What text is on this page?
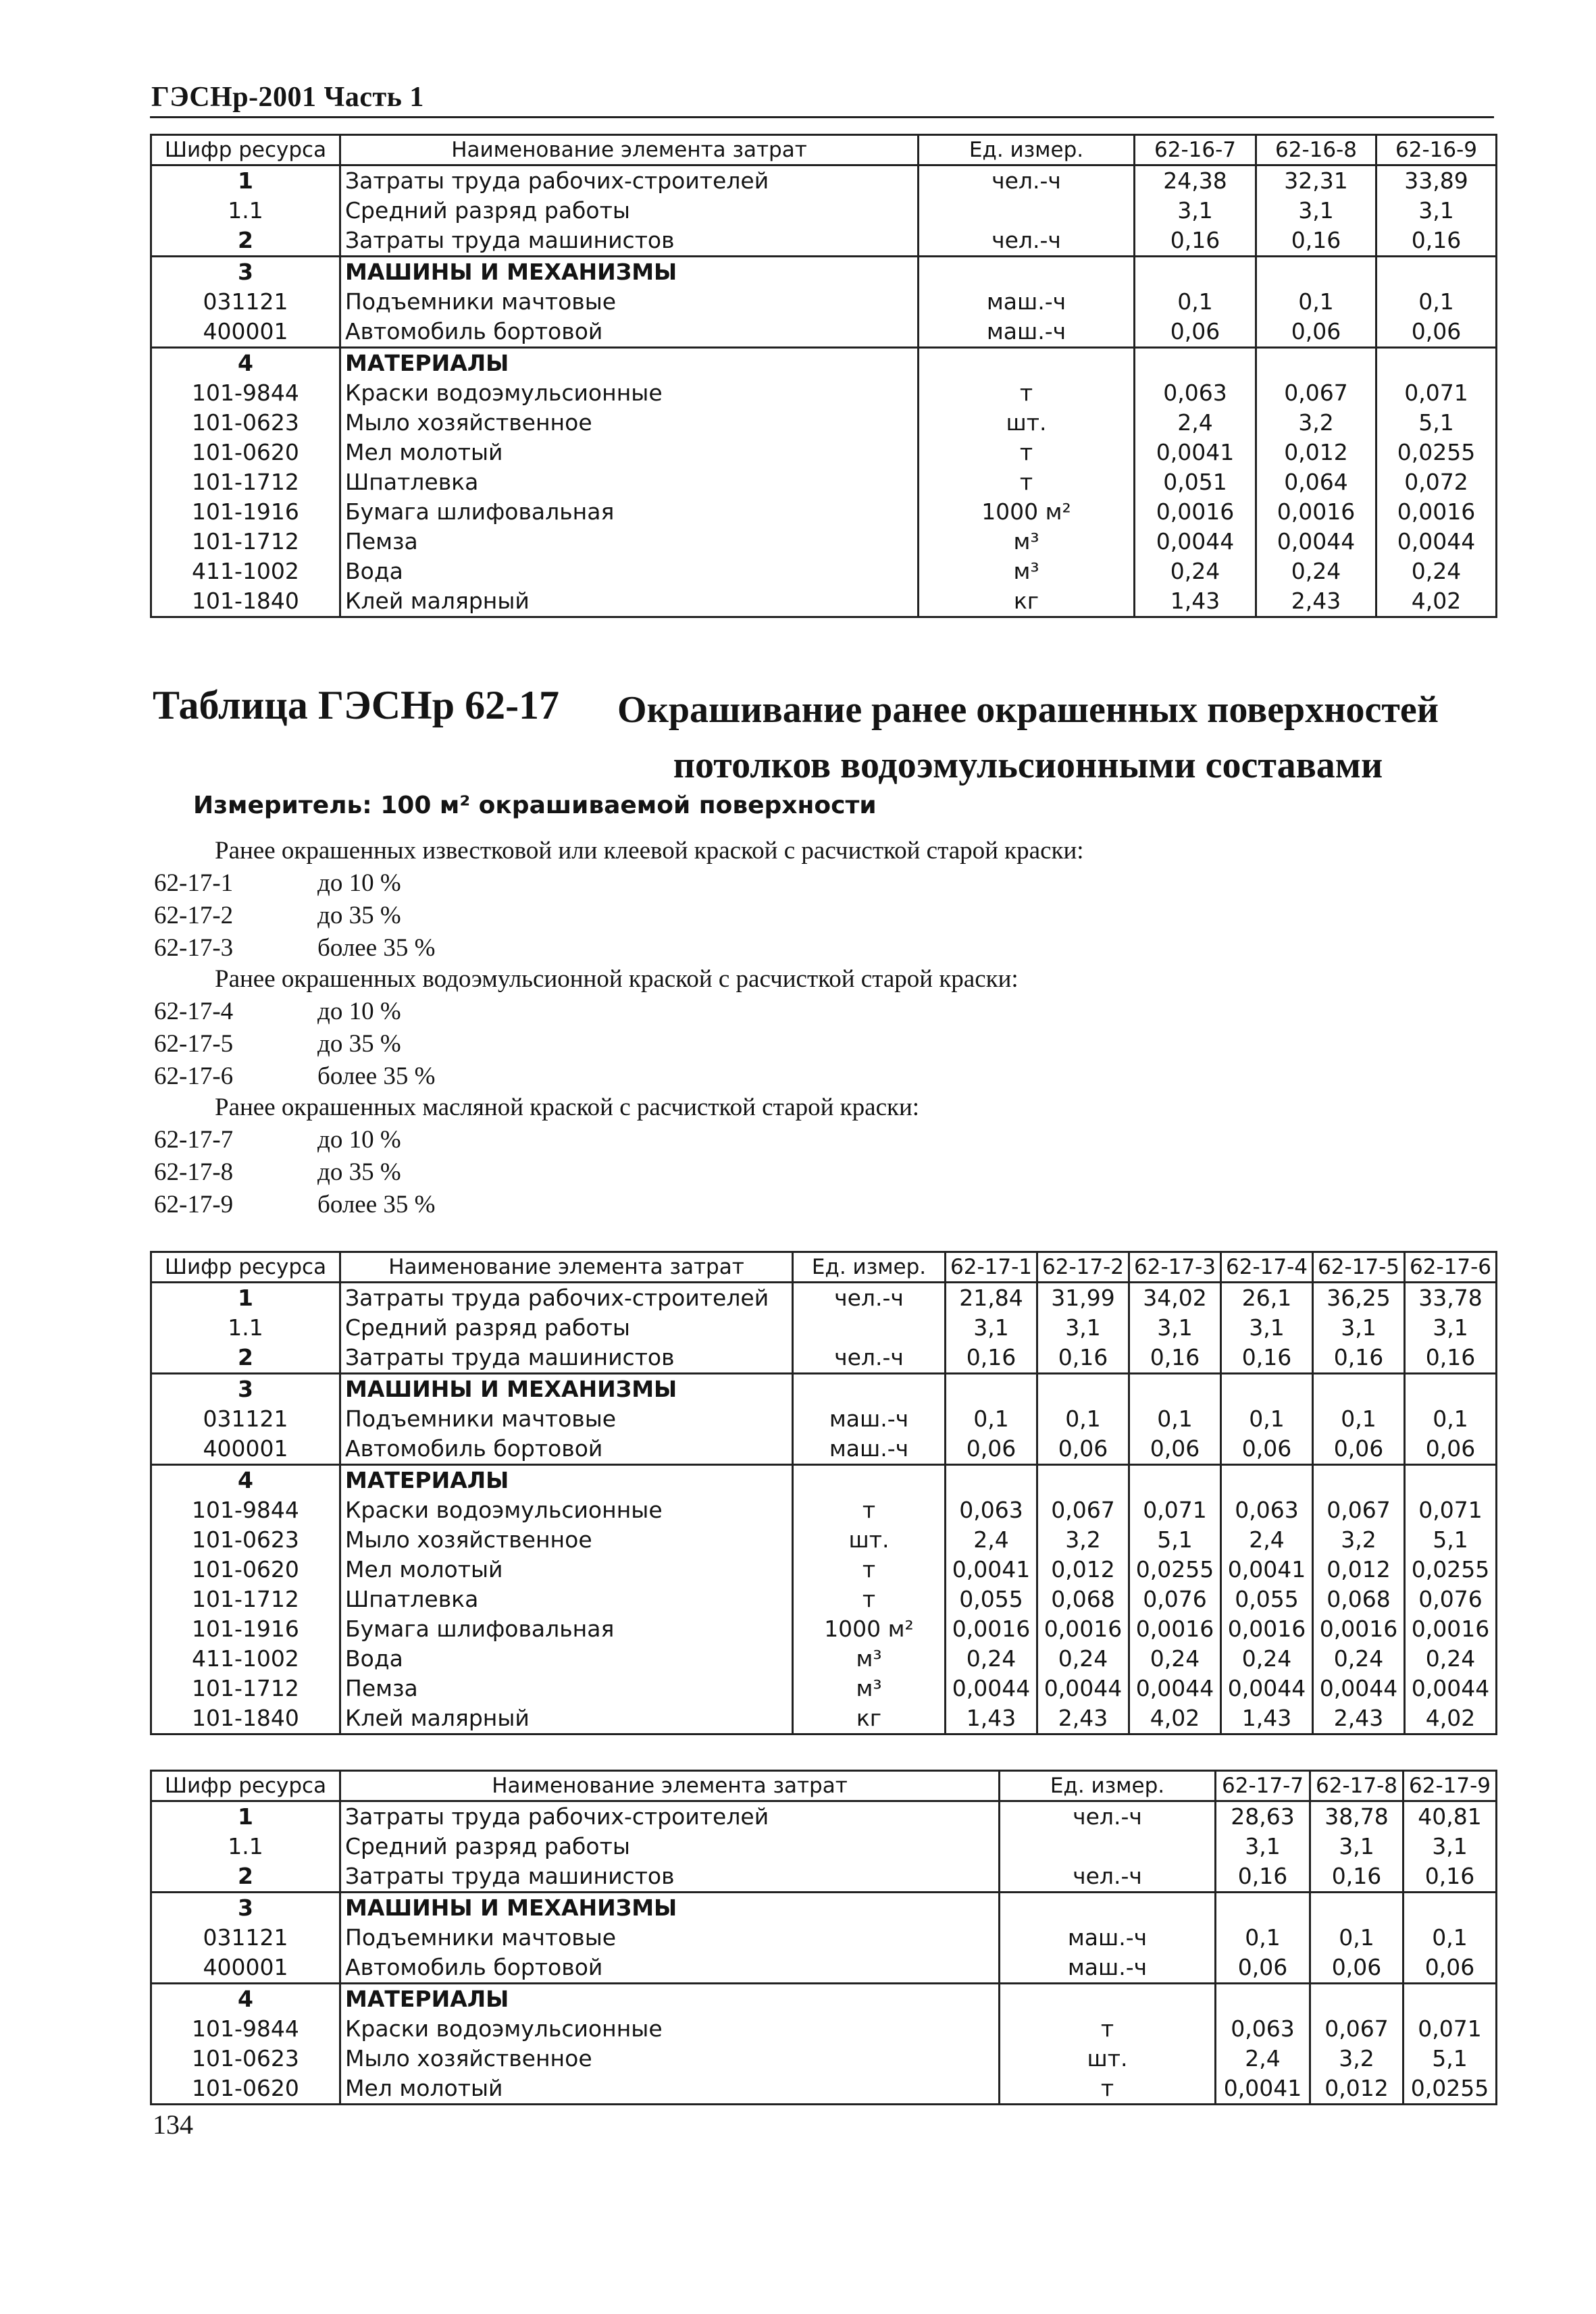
ГЭСНр-2001 Часть 1
Шифр ресурса	Наименование элемента затрат	Ед. измер.	62-16-7	62-16-8	62-16-9
1	Затраты труда рабочих-строителей	чел.-ч	24,38	32,31	33,89
1.1	Средний разряд работы		3,1	3,1	3,1
2	Затраты труда машинистов	чел.-ч	0,16	0,16	0,16
3	МАШИНЫ И МЕХАНИЗМЫ				
031121	Подъемники мачтовые	маш.-ч	0,1	0,1	0,1
400001	Автомобиль бортовой	маш.-ч	0,06	0,06	0,06
4	МАТЕРИАЛЫ				
101-9844	Краски водоэмульсионные	т	0,063	0,067	0,071
101-0623	Мыло хозяйственное	шт.	2,4	3,2	5,1
101-0620	Мел молотый	т	0,0041	0,012	0,0255
101-1712	Шпатлевка	т	0,051	0,064	0,072
101-1916	Бумага шлифовальная	1000 м²	0,0016	0,0016	0,0016
101-1712	Пемза	м³	0,0044	0,0044	0,0044
411-1002	Вода	м³	0,24	0,24	0,24
101-1840	Клей малярный	кг	1,43	2,43	4,02
Таблица ГЭСНр 62-17	Окрашивание ранее окрашенных поверхностей
потолков водоэмульсионными составами
Измеритель: 100 м² окрашиваемой поверхности
Ранее окрашенных известковой или клеевой краской с расчисткой старой краски:
62-17-1	до 10 %
62-17-2	до 35 %
62-17-3	более 35 %
Ранее окрашенных водоэмульсионной краской с расчисткой старой краски:
62-17-4	до 10 %
62-17-5	до 35 %
62-17-6	более 35 %
Ранее окрашенных масляной краской с расчисткой старой краски:
62-17-7	до 10 %
62-17-8	до 35 %
62-17-9	более 35 %
Шифр ресурса	Наименование элемента затрат	Ед. измер.	62-17-1	62-17-2	62-17-3	62-17-4	62-17-5	62-17-6
1	Затраты труда рабочих-строителей	чел.-ч	21,84	31,99	34,02	26,1	36,25	33,78
1.1	Средний разряд работы		3,1	3,1	3,1	3,1	3,1	3,1
2	Затраты труда машинистов	чел.-ч	0,16	0,16	0,16	0,16	0,16	0,16
3	МАШИНЫ И МЕХАНИЗМЫ							
031121	Подъемники мачтовые	маш.-ч	0,1	0,1	0,1	0,1	0,1	0,1
400001	Автомобиль бортовой	маш.-ч	0,06	0,06	0,06	0,06	0,06	0,06
4	МАТЕРИАЛЫ							
101-9844	Краски водоэмульсионные	т	0,063	0,067	0,071	0,063	0,067	0,071
101-0623	Мыло хозяйственное	шт.	2,4	3,2	5,1	2,4	3,2	5,1
101-0620	Мел молотый	т	0,0041	0,012	0,0255	0,0041	0,012	0,0255
101-1712	Шпатлевка	т	0,055	0,068	0,076	0,055	0,068	0,076
101-1916	Бумага шлифовальная	1000 м²	0,0016	0,0016	0,0016	0,0016	0,0016	0,0016
411-1002	Вода	м³	0,24	0,24	0,24	0,24	0,24	0,24
101-1712	Пемза	м³	0,0044	0,0044	0,0044	0,0044	0,0044	0,0044
101-1840	Клей малярный	кг	1,43	2,43	4,02	1,43	2,43	4,02
Шифр ресурса	Наименование элемента затрат	Ед. измер.	62-17-7	62-17-8	62-17-9
1	Затраты труда рабочих-строителей	чел.-ч	28,63	38,78	40,81
1.1	Средний разряд работы		3,1	3,1	3,1
2	Затраты труда машинистов	чел.-ч	0,16	0,16	0,16
3	МАШИНЫ И МЕХАНИЗМЫ				
031121	Подъемники мачтовые	маш.-ч	0,1	0,1	0,1
400001	Автомобиль бортовой	маш.-ч	0,06	0,06	0,06
4	МАТЕРИАЛЫ				
101-9844	Краски водоэмульсионные	т	0,063	0,067	0,071
101-0623	Мыло хозяйственное	шт.	2,4	3,2	5,1
101-0620	Мел молотый	т	0,0041	0,012	0,0255
134
